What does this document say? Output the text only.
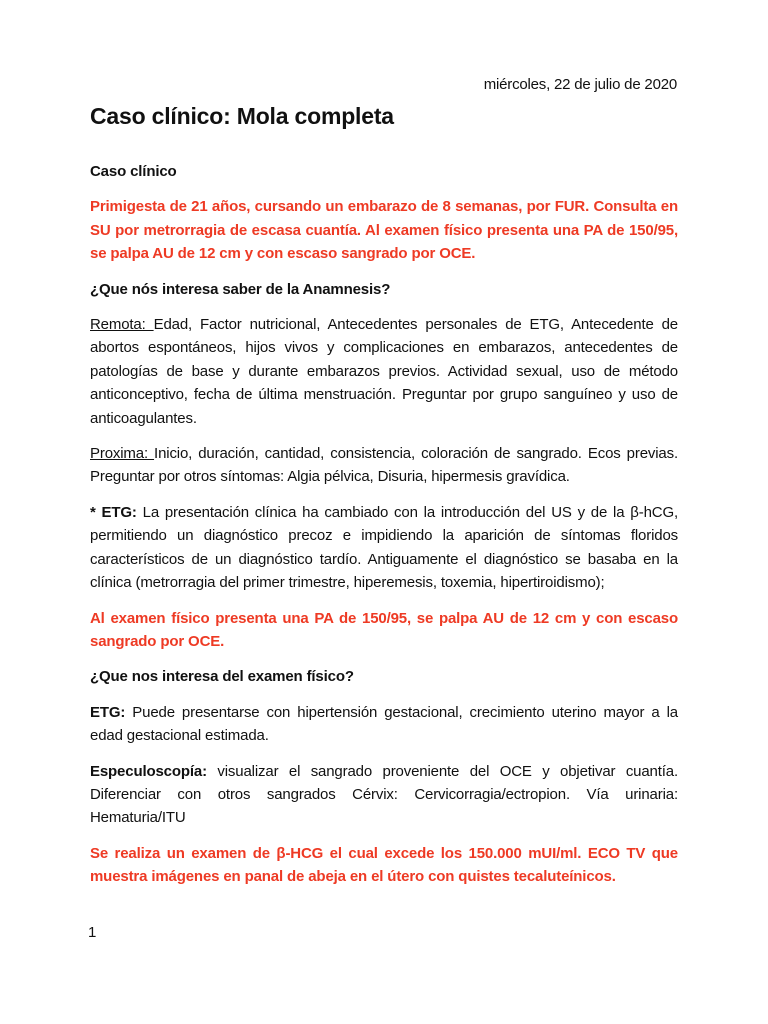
miércoles, 22 de julio de 2020
Caso clínico: Mola completa

Caso clínico

Primigesta de 21 años, cursando un embarazo de 8 semanas, por FUR. Consulta en SU por metrorragia de escasa cuantía. Al examen físico presenta una PA de 150/95, se palpa AU de 12 cm y con escaso sangrado por OCE.

¿Que nós interesa saber de la Anamnesis?

Remota: Edad, Factor nutricional, Antecedentes personales de ETG, Antecedente de abortos espontáneos, hijos vivos y complicaciones en embarazos, antecedentes de patologías de base y durante embarazos previos. Actividad sexual, uso de método anticonceptivo, fecha de última menstruación. Preguntar por grupo sanguíneo y uso de anticoagulantes.

Proxima: Inicio, duración, cantidad, consistencia, coloración de sangrado. Ecos previas. Preguntar por otros síntomas: Algia pélvica, Disuria, hipermesis gravídica.

* ETG: La presentación clínica ha cambiado con la introducción del US y de la β-hCG, permitiendo un diagnóstico precoz e impidiendo la aparición de síntomas floridos característicos de un diagnóstico tardío. Antiguamente el diagnóstico se basaba en la clínica (metrorragia del primer trimestre, hiperemesis, toxemia, hipertiroidismo);

Al examen físico presenta una PA de 150/95, se palpa AU de 12 cm y con escaso sangrado por OCE.

¿Que nos interesa del examen físico?

ETG: Puede presentarse con hipertensión gestacional, crecimiento uterino mayor a la edad gestacional estimada.

Especuloscopía: visualizar el sangrado proveniente del OCE y objetivar cuantía. Diferenciar con otros sangrados Cérvix: Cervicorragia/ectropion. Vía urinaria: Hematuria/ITU

Se realiza un examen de β-HCG el cual excede los 150.000 mUI/ml. ECO TV que muestra imágenes en panal de abeja en el útero con quistes tecaluteínicos.

1
